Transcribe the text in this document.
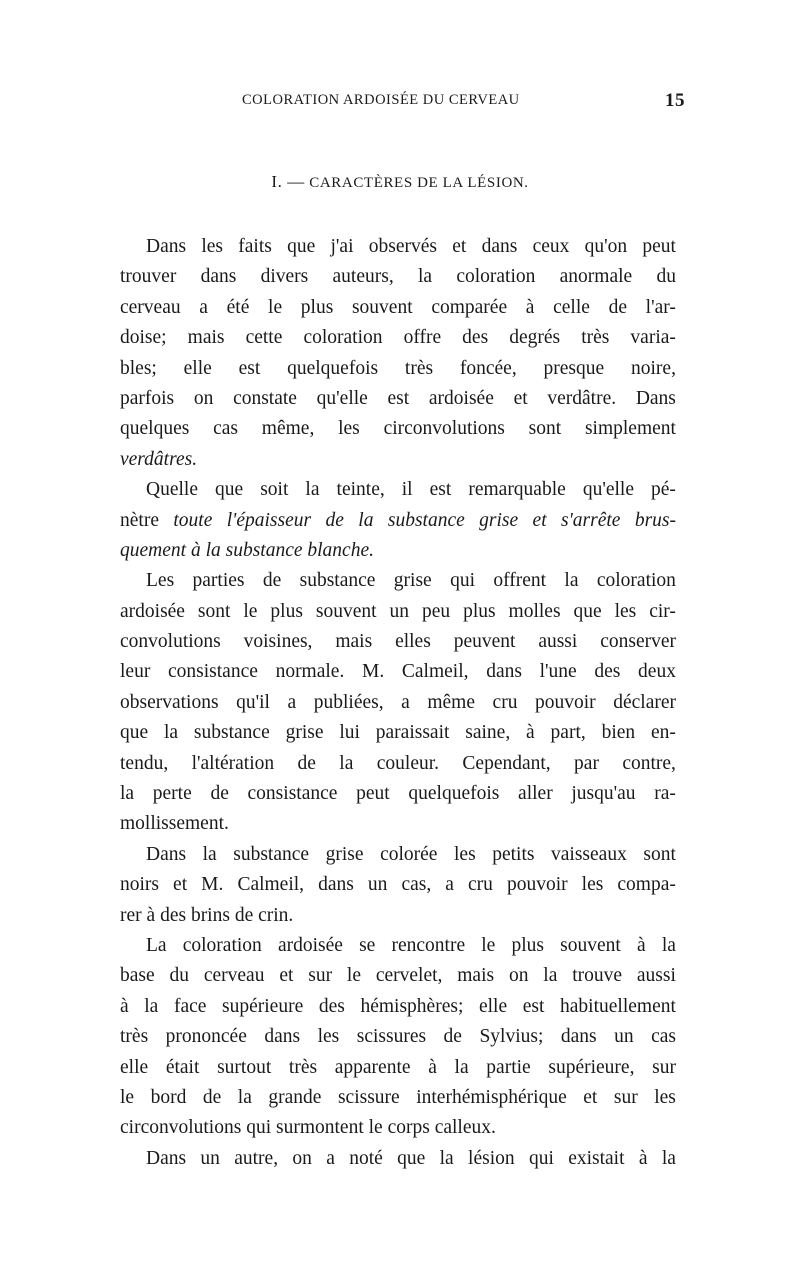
COLORATION ARDOISÉE DU CERVEAU	15
I. — CARACTÈRES DE LA LÉSION.
Dans les faits que j'ai observés et dans ceux qu'on peut
trouver dans divers auteurs, la coloration anormale du
cerveau a été le plus souvent comparée à celle de l'ar-
doise; mais cette coloration offre des degrés très varia-
bles; elle est quelquefois très foncée, presque noire,
parfois on constate qu'elle est ardoisée et verdâtre. Dans
quelques cas même, les circonvolutions sont simplement
verdâtres.
Quelle que soit la teinte, il est remarquable qu'elle pé-
nètre toute l'épaisseur de la substance grise et s'arrête brus-
quement à la substance blanche.
Les parties de substance grise qui offrent la coloration
ardoisée sont le plus souvent un peu plus molles que les cir-
convolutions voisines, mais elles peuvent aussi conserver
leur consistance normale. M. Calmeil, dans l'une des deux
observations qu'il a publiées, a même cru pouvoir déclarer
que la substance grise lui paraissait saine, à part, bien en-
tendu, l'altération de la couleur. Cependant, par contre,
la perte de consistance peut quelquefois aller jusqu'au ra-
mollissement.
Dans la substance grise colorée les petits vaisseaux sont
noirs et M. Calmeil, dans un cas, a cru pouvoir les compa-
rer à des brins de crin.
La coloration ardoisée se rencontre le plus souvent à la
base du cerveau et sur le cervelet, mais on la trouve aussi
à la face supérieure des hémisphères; elle est habituellement
très prononcée dans les scissures de Sylvius; dans un cas
elle était surtout très apparente à la partie supérieure, sur
le bord de la grande scissure interhémisphérique et sur les
circonvolutions qui surmontent le corps calleux.
Dans un autre, on a noté que la lésion qui existait à la
